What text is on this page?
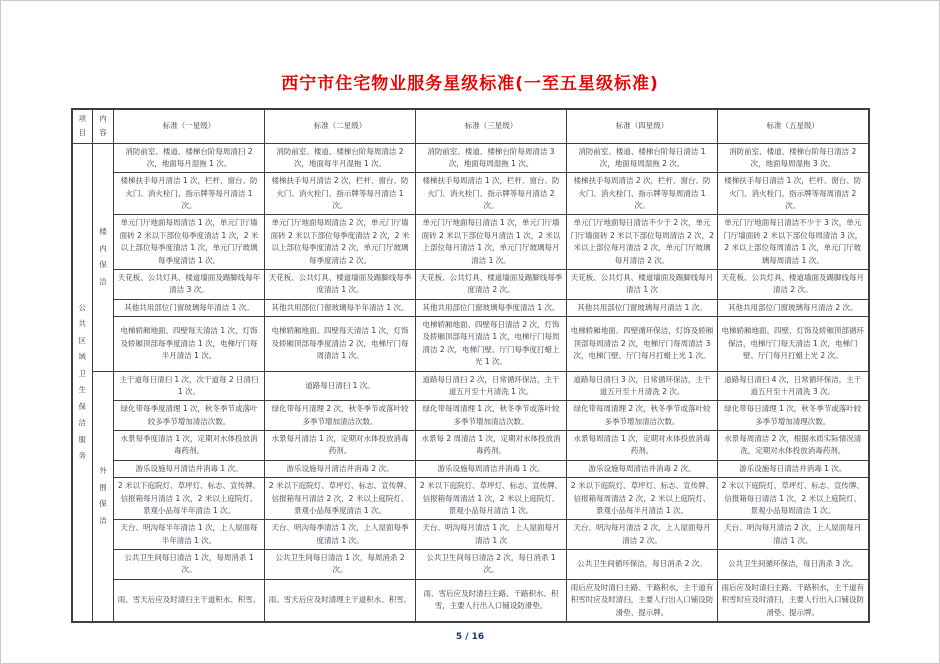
西宁市住宅物业服务星级标准(一至五星级标准)
项目	内容	标准（一星级）	标准（二星级）	标准（三星级）	标准（四星级）	标准（五星级）

公共区域卫生保洁服务	楼内保洁	消防前室、楼道、楼梯台阶每周清扫 2 次，地面每月湿拖 1 次。	消防前室、楼道、楼梯台阶每周清洁 2 次，地面每半月湿拖 1 次。	消防前室、楼道、楼梯台阶每周清洁 3 次，地面每周湿拖 1 次。	消防前室、楼道、楼梯台阶每日清洁 1 次，地面每周湿拖 2 次。	消防前室、楼道、楼梯台阶每日清洁 2 次，地面每周湿拖 3 次。
		楼梯扶手每月清洁 1 次，栏杆、窗台、防火门、消火栓门、指示牌等每月清洁 1 次。	楼梯扶手每月清洁 2 次，栏杆、窗台、防火门、消火栓门、指示牌等每月清洁 1 次。	楼梯扶手每周清洁 1 次，栏杆、窗台、防火门、消火栓门、指示牌等每月清洁 2 次。	楼梯扶手每周清洁 2 次，栏杆、窗台、防火门、消火栓门、指示牌等每周清洁 1 次。	楼梯扶手每日清洁 1 次，栏杆、窗台、防火门、消火栓门、指示牌等每周清洁 2 次。
		单元门厅地面每周清洁 1 次，单元门厅墙面砖 2 米以下部位每季度清洁 1 次，2 米以上部位每季度清洁 1 次，单元门厅玻璃每季度清洁 1 次。	单元门厅地面每周清洁 2 次，单元门厅墙面砖 2 米以下部位每季度清洁 2 次，2 米以上部位每季度清洁 2 次，单元门厅玻璃每季度清洁 2 次。	单元门厅地面每日清洁 1 次，单元门厅墙面砖 2 米以下部位每月清洁 1 次，2 米以上部位每月清洁 1 次，单元门厅玻璃每月清洁 1 次。	单元门厅地面每日清洁不少于 2 次，单元门厅墙面砖 2 米以下部位每周清洁 2 次，2 米以上部位每月清洁 2 次，单元门厅玻璃每月清洁 2 次。	单元门厅地面每日清洁不少于 3 次，单元门厅墙面砖 2 米以下部位每周清洁 3 次，2 米以上部位每周清洁 1 次，单元门厅玻璃每周清洁 1 次。
		天花板、公共灯具、楼道墙面及踢脚线每年清洁 3 次。	天花板、公共灯具、楼道墙面及踢脚线每季度清洁 1 次。	天花板、公共灯具、楼道墙面及踢脚线每季度清洁 2 次。	天花板、公共灯具、楼道墙面及踢脚线每月清洁 1 次	天花板、公共灯具、楼道墙面及踢脚线每月清洁 2 次。
		其他共用部位门窗玻璃每年清洁 1 次。	其他共用部位门窗玻璃每半年清洁 1 次。	其他共用部位门窗玻璃每季度清洁 1 次。	其他共用部位门窗玻璃每月清洁 1 次。	其他共用部位门窗玻璃每月清洁 2 次。
		电梯轿厢地面、四壁每天清洁 1 次，灯饰及轿厢顶部每季度清洁 1 次，电梯厅门每半月清洁 1 次。	电梯轿厢地面、四壁每天清洁 1 次，灯饰及轿厢顶部每季度清洁 2 次，电梯厅门每周清洁 1 次。	电梯轿厢地面、四壁每日清洁 2 次，灯饰及轿厢顶部每月清洁 1 次，电梯厅门每周清洁 2 次，电梯门壁、厅门每季度打蜡上光 1 次。	电梯轿厢地面、四壁循环保洁，灯饰及轿厢顶部每周清洁 2 次，电梯厅门每周清洁 3 次，电梯门壁、厅门每月打蜡上光 1 次。	电梯轿厢地面、四壁、灯饰及轿厢顶部循环保洁，电梯厅门每天清洁 1 次，电梯门壁、厅门每月打蜡上光 2 次。

	外围保洁	主干道每日清扫 1 次，次干道每 2 日清扫 1 次。	道路每日清扫 1 次。	道路每日清扫 2 次，日常循环保洁，主干道五月至十月清洗 1 次。	道路每日清扫 3 次，日常循环保洁，主干道五月至十月清洗 2 次。	道路每日清扫 4 次，日常循环保洁，主干道五月至十月清洗 3 次。
		绿化带每季度清理 1 次，秋冬季节或落叶较多季节增加清洁次数。	绿化带每月清理 2 次，秋冬季节或落叶较多季节增加清洁次数。	绿化带每周清理 1 次，秋冬季节或落叶较多季节增加清洁次数。	绿化带每周清理 2 次，秋冬季节或落叶较多季节增加清洁次数。	绿化带每日清理 1 次，秋冬季节或落叶较多季节增加清理次数。
		水景每季度清洁 1 次，定期对水体投放消毒药剂。	水景每月清洁 1 次，定期对水体投放消毒药剂。	水景每 2 周清洁 1 次，定期对水体投放消毒药剂。	水景每周清洁 1 次，定期对水体投放消毒药剂。	水景每周清洁 2 次，根据水质实际情况清洗，定期对水体投放消毒药剂。
		游乐设施每月清洁并消毒 1 次。	游乐设施每月清洁并消毒 2 次。	游乐设施每周清洁并消毒 1 次。	游乐设施每周清洁并消毒 2 次。	游乐设施每日清洁并消毒 1 次。
		2 米以下庭院灯、草坪灯、标志、宣传牌、信报箱每月清洁 1 次，2 米以上庭院灯、景观小品每半年清洁 1 次。	2 米以下庭院灯、草坪灯、标志、宣传牌、信报箱每月清洁 2 次，2 米以上庭院灯、景观小品每季度清洁 1 次。	2 米以下庭院灯、草坪灯、标志、宣传牌、信报箱每周清洁 1 次，2 米以上庭院灯、景观小品每月清洁 1 次。	2 米以下庭院灯、草坪灯、标志、宣传牌、信报箱每周清洁 2 次，2 米以上庭院灯、景观小品每半月清洁 1 次。	2 米以下庭院灯、草坪灯、标志、宣传牌、信报箱每日清洁 1 次，2 米以上庭院灯、景观小品每周清洁 1 次。
		天台、明沟每半年清洁 1 次，上人屋面每半年清洁 1 次。	天台、明沟每季清洁 1 次，上人屋面每季度清洁 1 次。	天台、明沟每月清洁 1 次，上人屋面每月清洁 1 次	天台、明沟每月清洁 2 次，上人屋面每月清洁 2 次。	天台、明沟每月清洁 2 次，上人屋面每月清洁 1 次。
		公共卫生间每日清洁 1 次，每周消杀 1 次。	公共卫生间每日清洁 1 次，每周消杀 2 次。	公共卫生间每日清洁 2 次，每日消杀 1 次。	公共卫生间循环保洁，每日消杀 2 次。	公共卫生间循环保洁，每日消杀 3 次。
		雨、雪天后应及时清扫主干道积水、积雪。	雨、雪天后应及时清理主干道积水、积雪。	雨、雪后应及时清扫主路、干路积水、积雪，主要人行出入口铺设防滑垫。	雨后应及时清扫主路、干路积水，主干道有积雪时应及时清扫，主要人行出入口铺设防滑垫、提示牌。	雨后应及时清扫主路、干路积水，主干道有积雪时应及时清扫，主要人行出入口铺设防滑垫、提示牌。
5 / 16
